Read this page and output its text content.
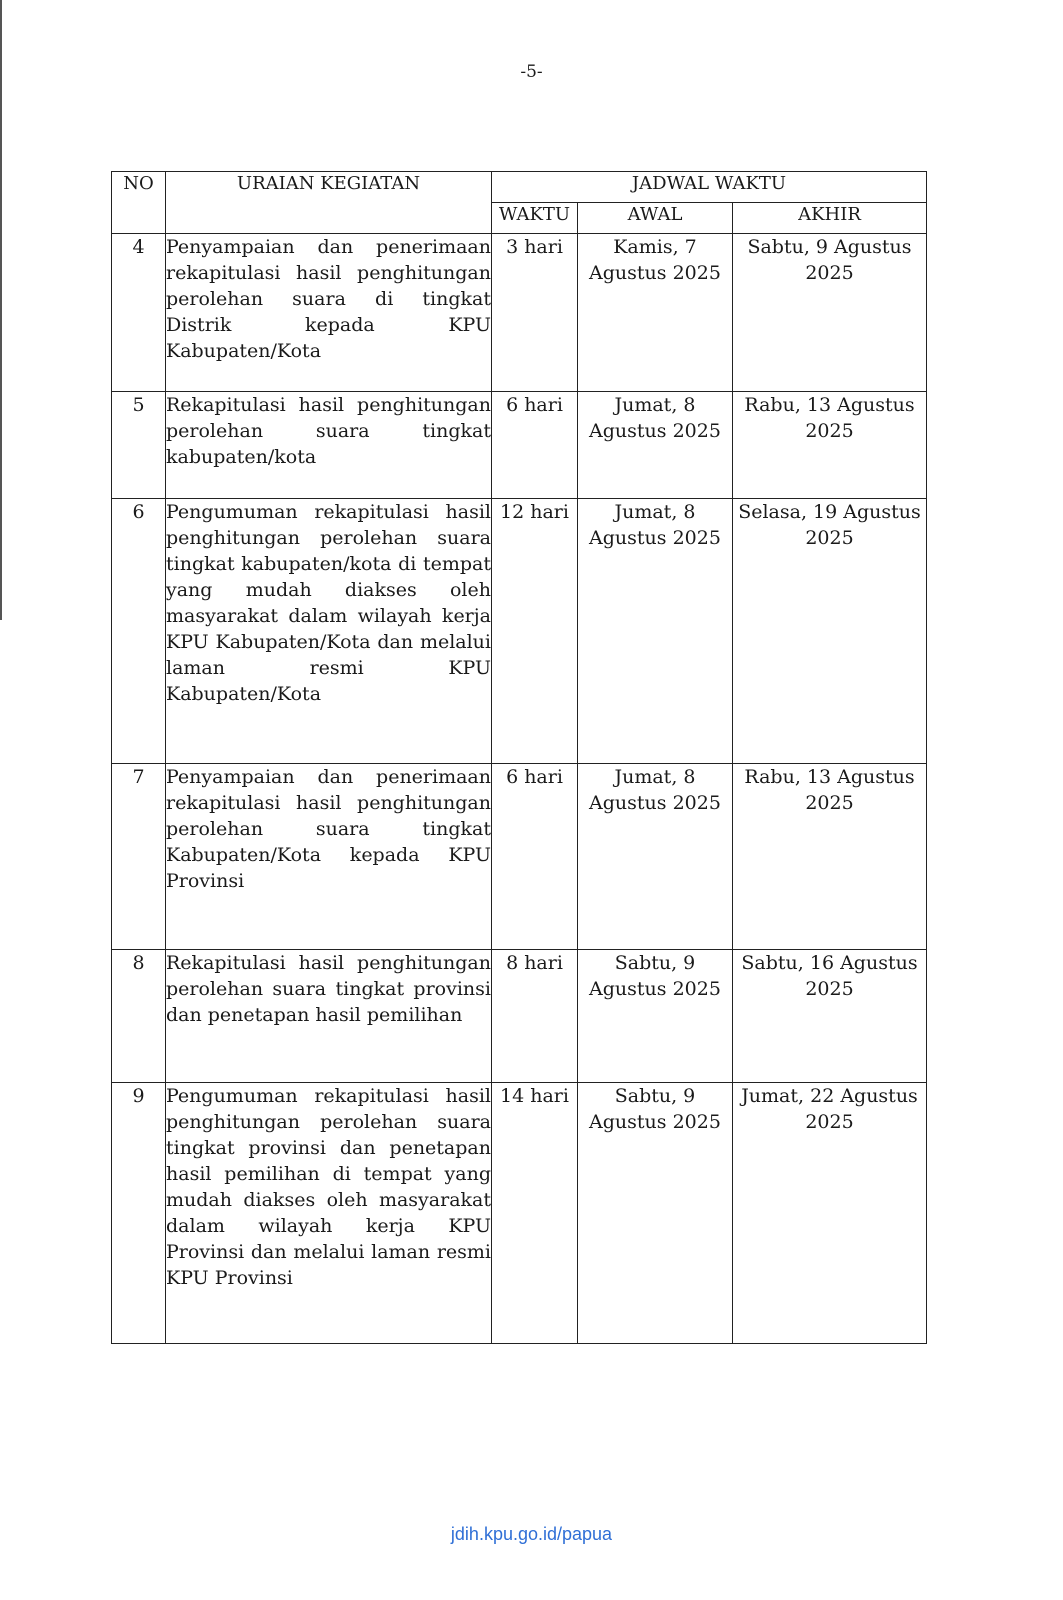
-5-
NO	URAIAN KEGIATAN	JADWAL WAKTU		
		WAKTU	AWAL	AKHIR
4	Penyampaian dan penerimaan rekapitulasi hasil penghitungan perolehan suara di tingkat Distrik kepada KPU Kabupaten/Kota	3 hari	Kamis, 7 Agustus 2025	Sabtu, 9 Agustus 2025
5	Rekapitulasi hasil penghitungan perolehan suara tingkat kabupaten/kota	6 hari	Jumat, 8 Agustus 2025	Rabu, 13 Agustus 2025
6	Pengumuman rekapitulasi hasil penghitungan perolehan suara tingkat kabupaten/kota di tempat yang mudah diakses oleh masyarakat dalam wilayah kerja KPU Kabupaten/Kota dan melalui laman resmi KPU Kabupaten/Kota	12 hari	Jumat, 8 Agustus 2025	Selasa, 19 Agustus 2025
7	Penyampaian dan penerimaan rekapitulasi hasil penghitungan perolehan suara tingkat Kabupaten/Kota kepada KPU Provinsi	6 hari	Jumat, 8 Agustus 2025	Rabu, 13 Agustus 2025
8	Rekapitulasi hasil penghitungan perolehan suara tingkat provinsi dan penetapan hasil pemilihan	8 hari	Sabtu, 9 Agustus 2025	Sabtu, 16 Agustus 2025
9	Pengumuman rekapitulasi hasil penghitungan perolehan suara tingkat provinsi dan penetapan hasil pemilihan di tempat yang mudah diakses oleh masyarakat dalam wilayah kerja KPU Provinsi dan melalui laman resmi KPU Provinsi	14 hari	Sabtu, 9 Agustus 2025	Jumat, 22 Agustus 2025
jdih.kpu.go.id/papua
